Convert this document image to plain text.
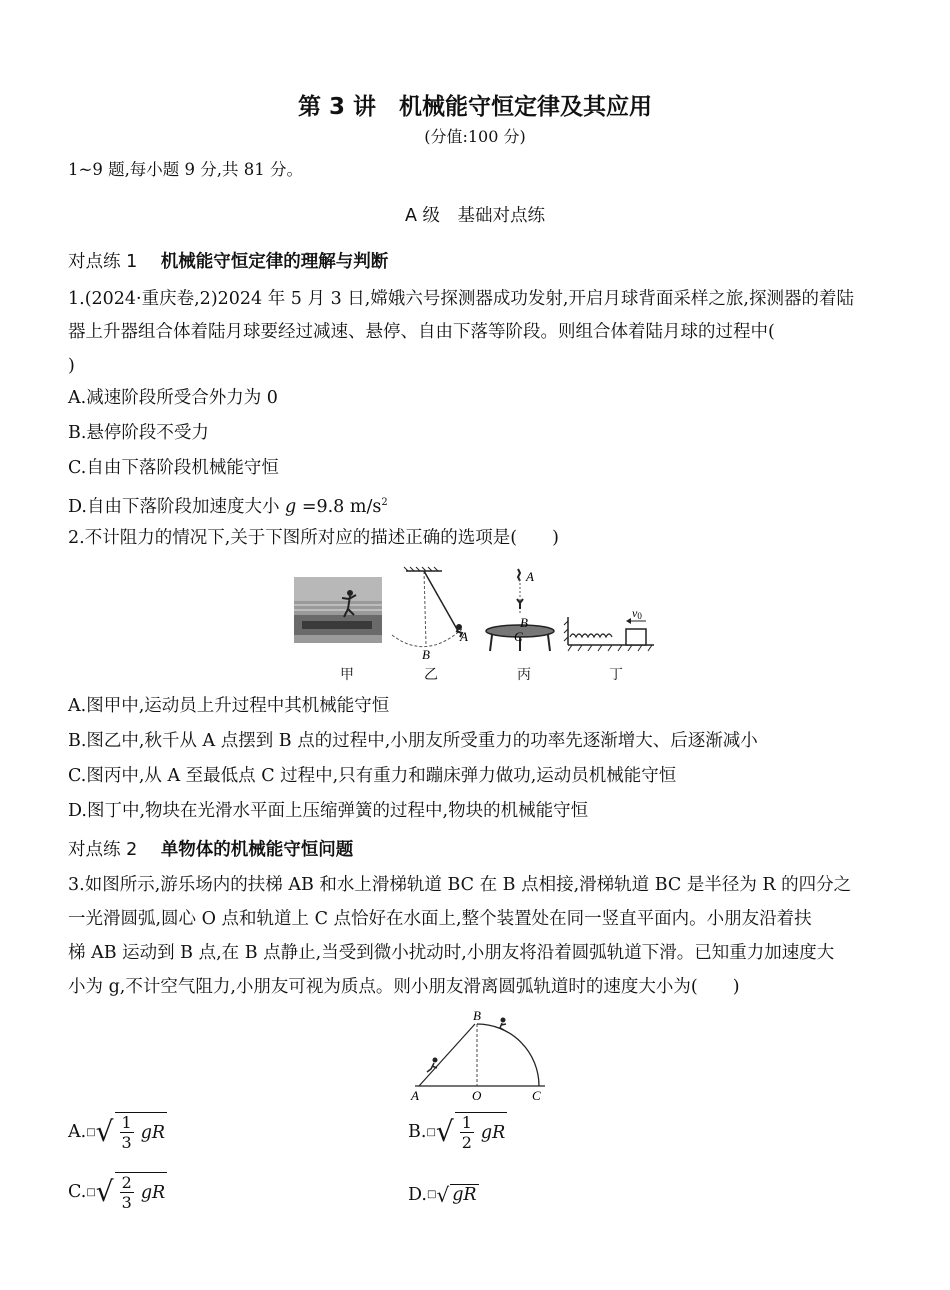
第 3 讲　机械能守恒定律及其应用
(分值:100 分)
1~9 题,每小题 9 分,共 81 分。
A 级　基础对点练
对点练 1　 机械能守恒定律的理解与判断
1.(2024·重庆卷,2)2024 年 5 月 3 日,嫦娥六号探测器成功发射,开启月球背面采样之旅,探测器的着陆
器上升器组合体着陆月球要经过减速、悬停、自由下落等阶段。则组合体着陆月球的过程中(
)
A.减速阶段所受合外力为 0
B.悬停阶段不受力
C.自由下落阶段机械能守恒
D.自由下落阶段加速度大小 g =9.8 $m/s^2$
2.不计阻力的情况下,关于下图所对应的描述正确的选项是(　　)
A
B
A
B
C
v0
甲	乙	丙	丁
A.图甲中,运动员上升过程中其机械能守恒
B.图乙中,秋千从 A 点摆到 B 点的过程中,小朋友所受重力的功率先逐渐增大、后逐渐减小
C.图丙中,从 A 至最低点 C 过程中,只有重力和蹦床弹力做功,运动员机械能守恒
D.图丁中,物块在光滑水平面上压缩弹簧的过程中,物块的机械能守恒
对点练 2　 单物体的机械能守恒问题
3.如图所示,游乐场内的扶梯 AB 和水上滑梯轨道 BC 在 B 点相接,滑梯轨道 BC 是半径为 R 的四分之
一光滑圆弧,圆心 O 点和轨道上 C 点恰好在水面上,整个装置处在同一竖直平面内。小朋友沿着扶
梯 AB 运动到 B 点,在 B 点静止,当受到微小扰动时,小朋友将沿着圆弧轨道下滑。已知重力加速度大
小为 g,不计空气阻力,小朋友可视为质点。则小朋友滑离圆弧轨道时的速度大小为(　　)
B
A	O	C
A. □ √ $\frac{1}{3}$ gR	B. □ √ $\frac{1}{2}$ gR
C. □ √ $\frac{2}{3}$ gR	D. □ √ gR
